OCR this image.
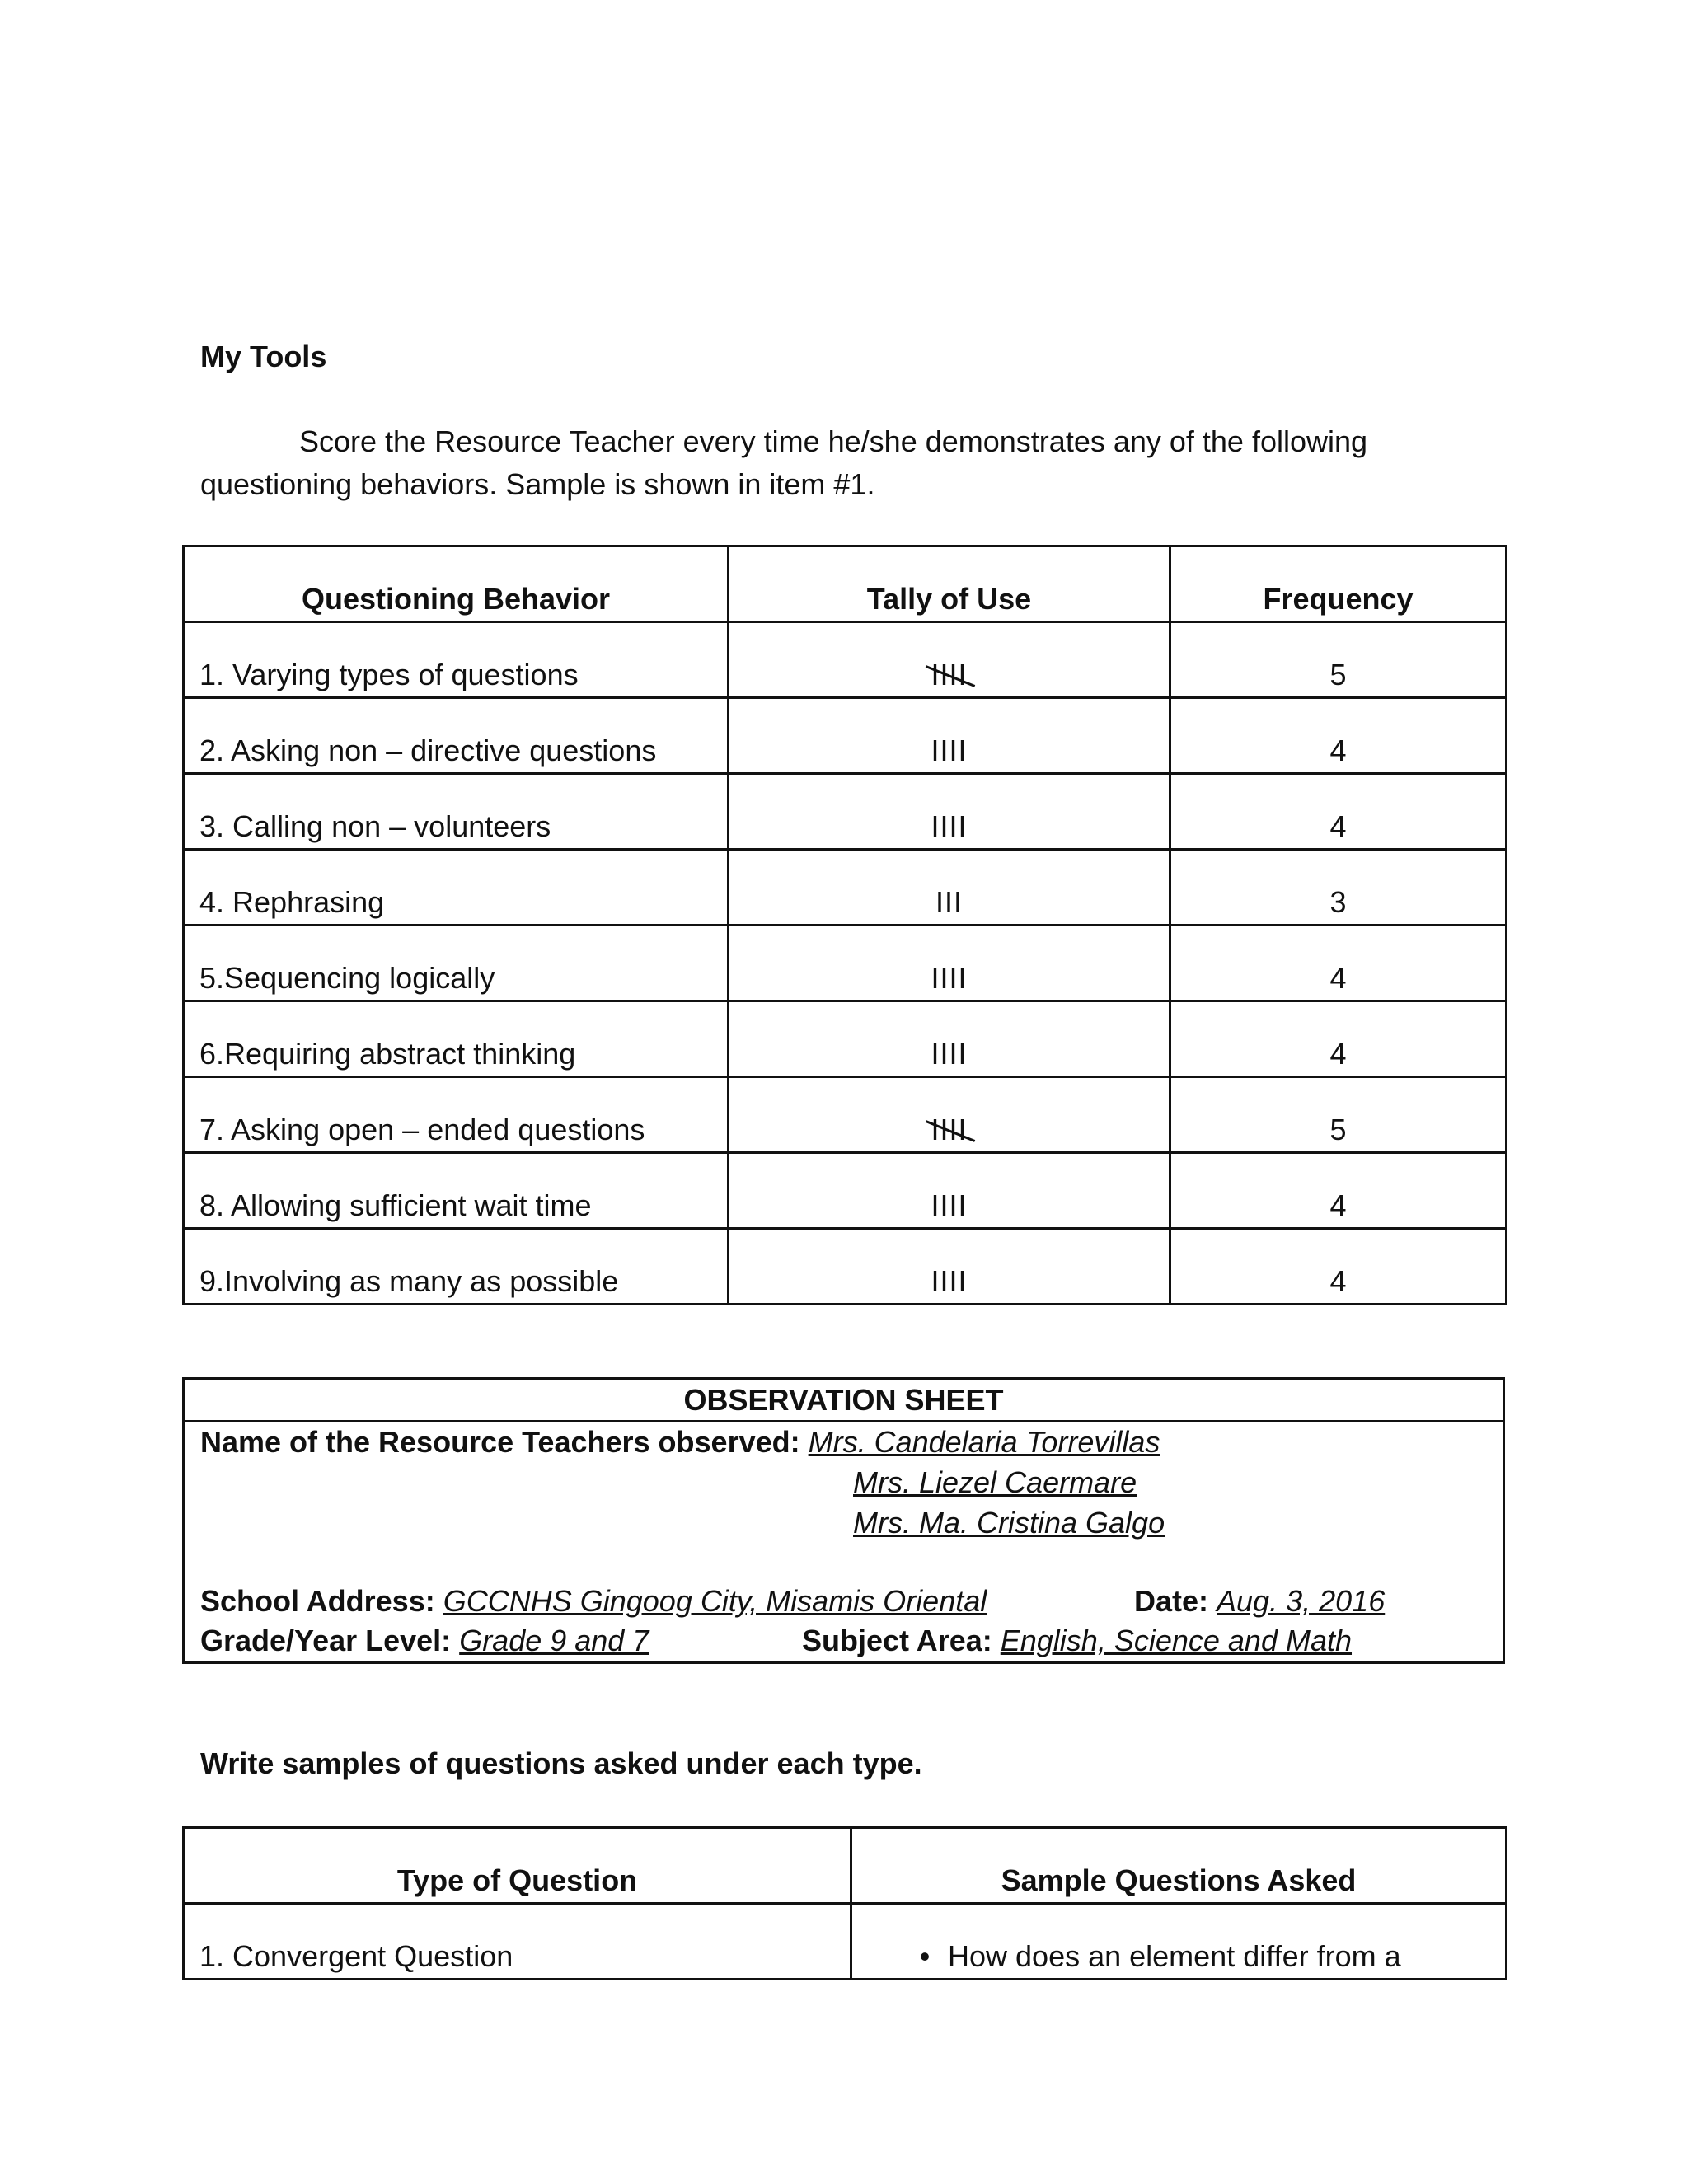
My Tools
Score the Resource Teacher every time he/she demonstrates any of the following
questioning behaviors. Sample is shown in item #1.
Questioning Behavior	Tally of Use	Frequency
1. Varying types of questions	IIII	5
2. Asking non – directive questions	IIII	4
3. Calling non – volunteers	IIII	4
4. Rephrasing	III	3
5.Sequencing logically	IIII	4
6.Requiring abstract thinking	IIII	4
7. Asking open – ended questions	IIII	5
8. Allowing sufficient wait time	IIII	4
9.Involving as many as possible	IIII	4
OBSERVATION SHEET
Name of the Resource Teachers observed: Mrs. Candelaria Torrevillas
Mrs. Liezel Caermare
Mrs. Ma. Cristina Galgo
School Address: GCCNHS Gingoog City, Misamis Oriental	Date: Aug. 3, 2016
Grade/Year Level: Grade 9 and 7	Subject Area: English, Science and Math
Write samples of questions asked under each type.
Type of Question	Sample Questions Asked
1. Convergent Question	• How does an element differ from a
